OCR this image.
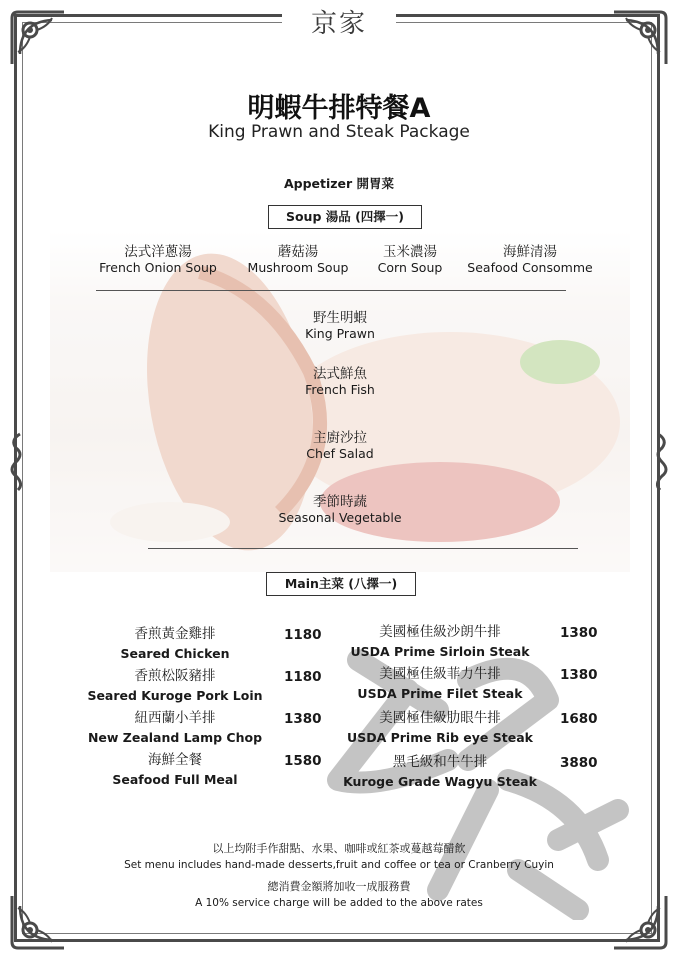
京家
明蝦牛排特餐A
King Prawn and Steak Package
Appetizer 開胃菜
Soup 湯品 (四擇一)
法式洋蔥湯
French Onion Soup
蘑菇湯
Mushroom Soup
玉米濃湯
Corn Soup
海鮮清湯
Seafood Consomme
野生明蝦
King Prawn
法式鮮魚
French Fish
主廚沙拉
Chef Salad
季節時蔬
Seasonal Vegetable
Main主菜 (八擇一)
香煎黃金雞排
Seared Chicken
1180
香煎松阪豬排
Seared Kuroge Pork Loin
1180
紐西蘭小羊排
New Zealand Lamp Chop
1380
海鮮全餐
Seafood Full Meal
1580
美國極佳級沙朗牛排
USDA Prime Sirloin Steak
1380
美國極佳級菲力牛排
USDA Prime Filet Steak
1380
美國極佳級肋眼牛排
USDA Prime Rib eye Steak
1680
黑毛級和牛牛排
Kuroge Grade Wagyu Steak
3880
以上均附手作甜點、水果、咖啡或紅茶或蔓越莓醋飲
Set menu includes hand-made desserts,fruit and coffee or tea or Cranberry Cuyin
總消費金額將加收一成服務費
A 10% service charge will be added to the above rates
